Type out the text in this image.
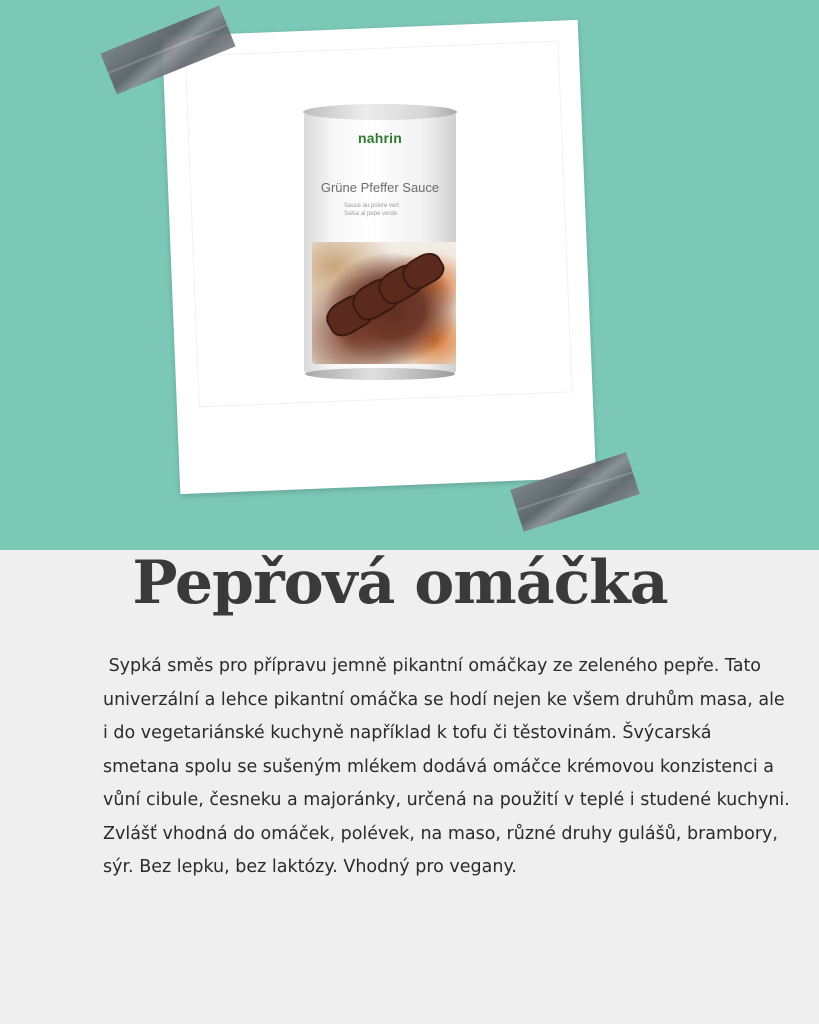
nahrin
Grüne Pfeffer Sauce
Sauce au poivre vert
Salsa al pepe verde
Pepřová omáčka
Sypká směs pro přípravu jemně pikantní omáčkay ze zeleného pepře. Tato univerzální a lehce pikantní omáčka se hodí nejen ke všem druhům masa, ale i do vegetariánské kuchyně například k tofu či těstovinám. Švýcarská smetana spolu se sušeným mlékem dodává omáčce krémovou konzistenci a vůní cibule, česneku a majoránky, určená na použití v teplé i studené kuchyni. Zvlášť vhodná do omáček, polévek, na maso, různé druhy gulášů, brambory, sýr. Bez lepku, bez laktózy. Vhodný pro vegany.
